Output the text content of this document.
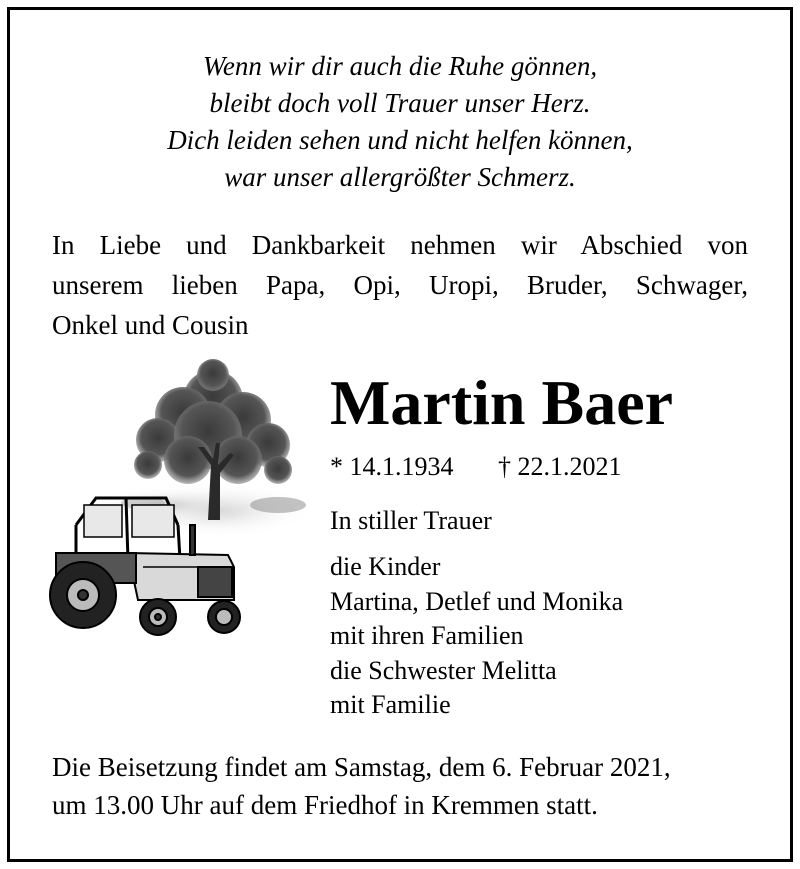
Wenn wir dir auch die Ruhe gönnen,
bleibt doch voll Trauer unser Herz.
Dich leiden sehen und nicht helfen können,
war unser allergrößter Schmerz.
In Liebe und Dankbarkeit nehmen wir Abschied von
unserem lieben Papa, Opi, Uropi, Bruder, Schwager,
Onkel und Cousin
Martin Baer
* 14.1.1934 † 22.1.2021
In stiller Trauer
die Kinder
Martina, Detlef und Monika
mit ihren Familien
die Schwester Melitta
mit Familie
Die Beisetzung findet am Samstag, dem 6. Februar 2021,
um 13.00 Uhr auf dem Friedhof in Kremmen statt.
